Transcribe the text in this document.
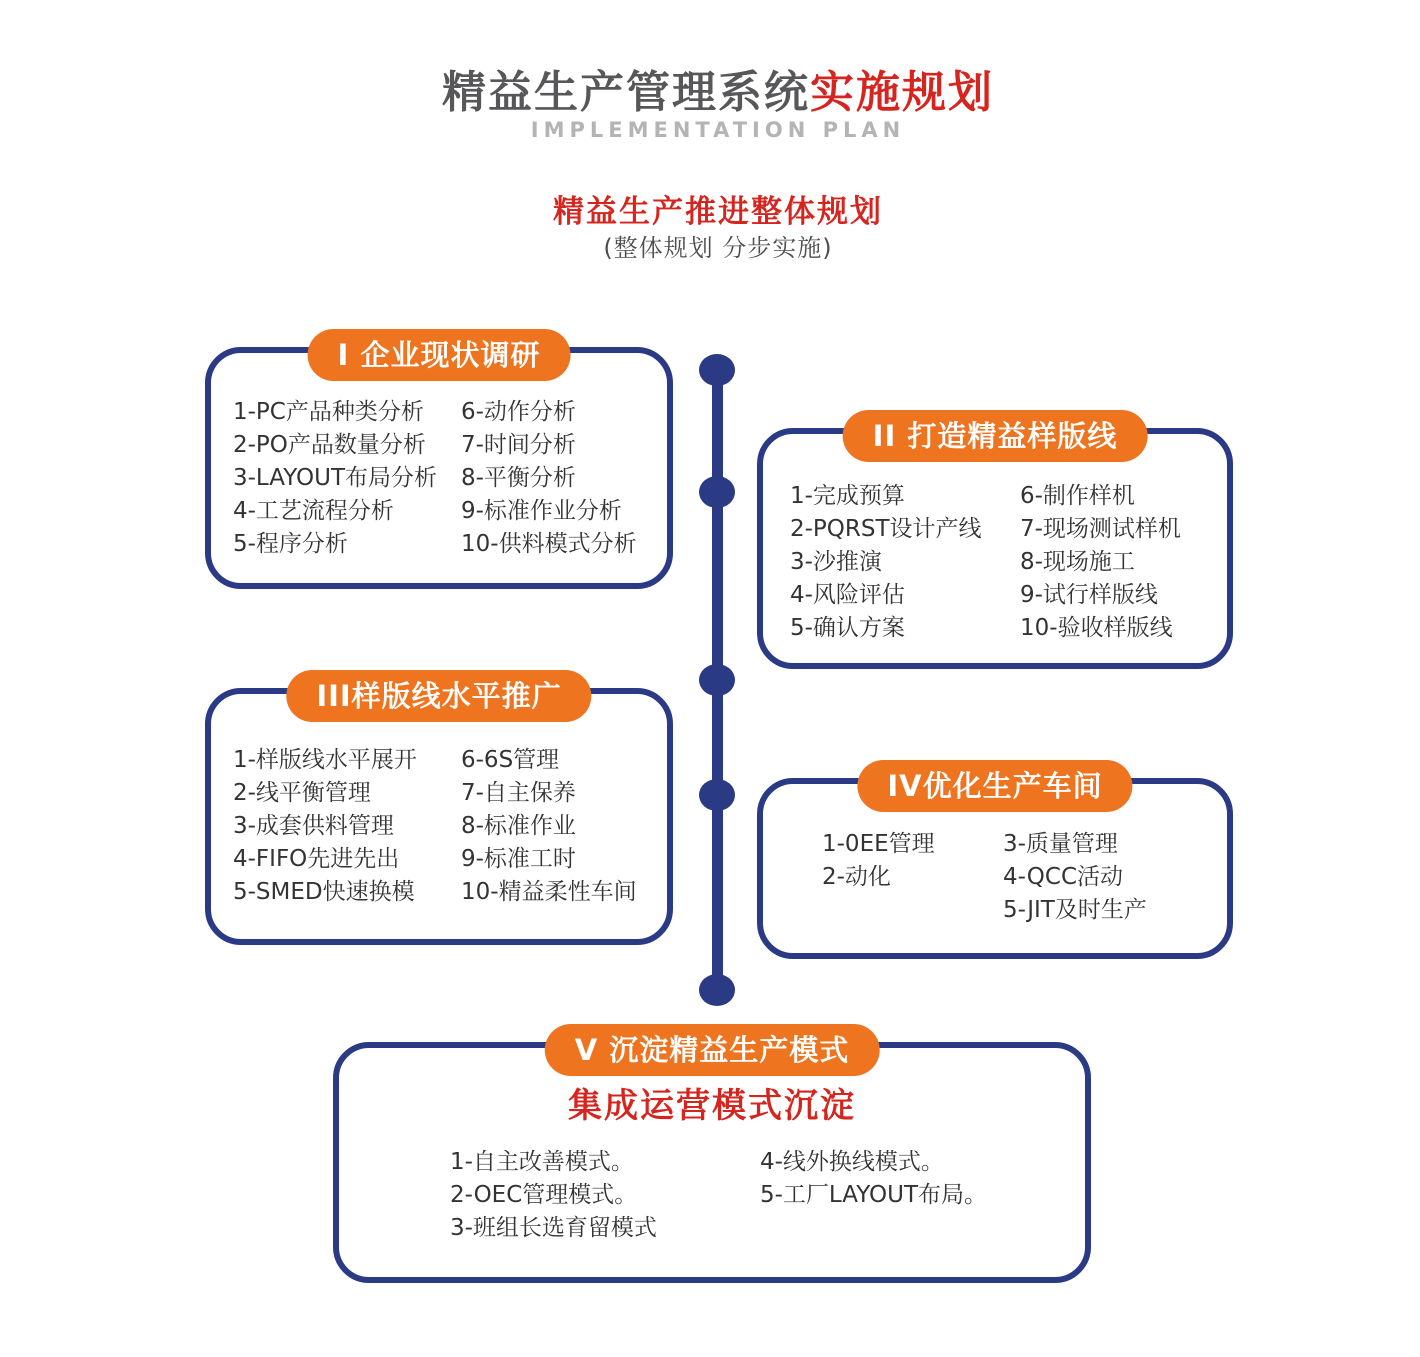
精益生产管理系统实施规划
IMPLEMENTATION PLAN
精益生产推进整体规划
(整体规划 分步实施)
I 企业现状调研
1-PC产品种类分析
2-PO产品数量分析
3-LAYOUT布局分析
4-工艺流程分析
5-程序分析
6-动作分析
7-时间分析
8-平衡分析
9-标准作业分析
10-供料模式分析
II 打造精益样版线
1-完成预算
2-PQRST设计产线
3-沙推演
4-风险评估
5-确认方案
6-制作样机
7-现场测试样机
8-现场施工
9-试行样版线
10-验收样版线
III样版线水平推广
1-样版线水平展开
2-线平衡管理
3-成套供料管理
4-FIFO先进先出
5-SMED快速换模
6-6S管理
7-自主保养
8-标准作业
9-标准工时
10-精益柔性车间
IV优化生产车间
1-0EE管理
2-动化
3-质量管理
4-QCC活动
5-JIT及时生产
V 沉淀精益生产模式
集成运营模式沉淀
1-自主改善模式。
2-OEC管理模式。
3-班组长选育留模式
4-线外换线模式。
5-工厂LAYOUT布局。
